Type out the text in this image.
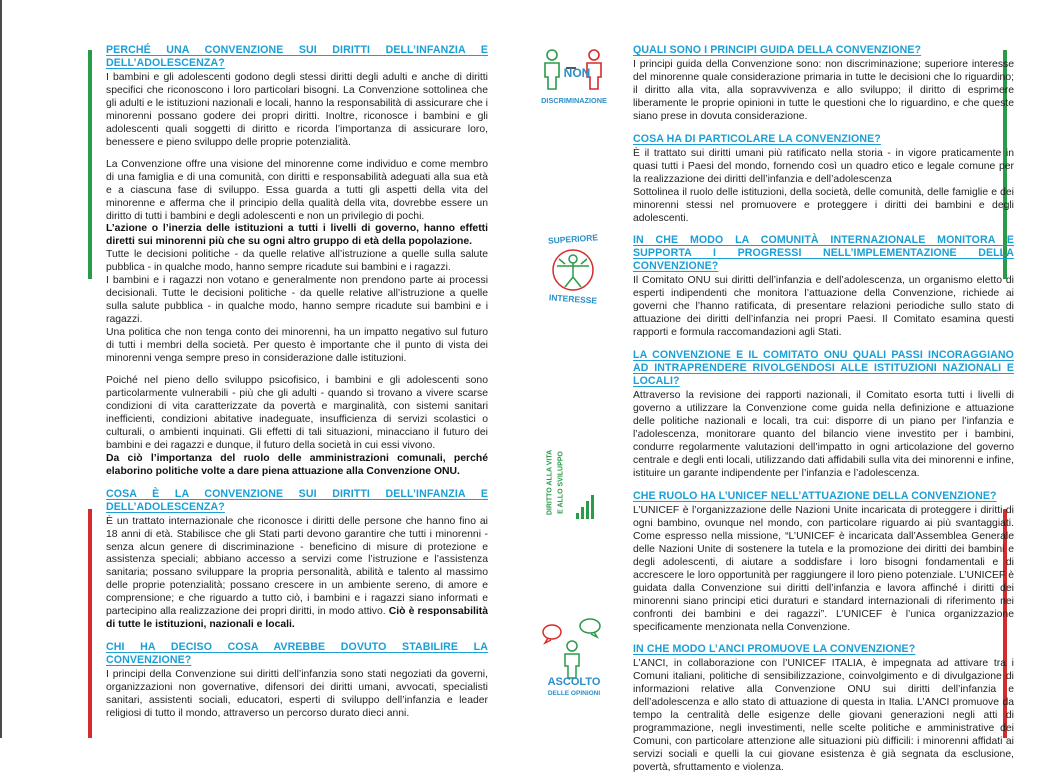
PERCHÉ UNA CONVENZIONE SUI DIRITTI DELL’INFANZIA E DELL’ADOLESCENZA?

I bambini e gli adolescenti godono degli stessi diritti degli adulti e anche di diritti specifici che riconoscono i loro particolari bisogni. La Convenzione sottolinea che gli adulti e le istituzioni nazionali e locali, hanno la responsabilità di assicurare che i minorenni possano godere dei propri diritti. Inoltre, riconosce i bambini e gli adolescenti quali soggetti di diritto e ricorda l’importanza di assicurare loro, benessere e pieno sviluppo delle proprie potenzialità.

La Convenzione offre una visione del minorenne come individuo e come membro di una famiglia e di una comunità, con diritti e responsabilità adeguati alla sua età e a ciascuna fase di sviluppo. Essa guarda a tutti gli aspetti della vita del minorenne e afferma che il principio della qualità della vita, dovrebbe essere un diritto di tutti i bambini e degli adolescenti e non un privilegio di pochi.

L’azione o l’inerzia delle istituzioni a tutti i livelli di governo, hanno effetti diretti sui minorenni più che su ogni altro gruppo di età della popolazione.

Tutte le decisioni politiche - da quelle relative all’istruzione a quelle sulla salute pubblica - in qualche modo, hanno sempre ricadute sui bambini e i ragazzi.

I bambini e i ragazzi non votano e generalmente non prendono parte ai processi decisionali. Tutte le decisioni politiche - da quelle relative all’istruzione a quelle sulla salute pubblica - in qualche modo, hanno sempre ricadute sui bambini e i ragazzi.

Una politica che non tenga conto dei minorenni, ha un impatto negativo sul futuro di tutti i membri della società. Per questo è importante che il punto di vista dei minorenni venga sempre preso in considerazione dalle istituzioni.

Poiché nel pieno dello sviluppo psicofisico, i bambini e gli adolescenti sono particolarmente vulnerabili - più che gli adulti - quando si trovano a vivere scarse condizioni di vita caratterizzate da povertà e marginalità, con sistemi sanitari inefficienti, condizioni abitative inadeguate, insufficienza di servizi scolastici o culturali, o ambienti inquinati. Gli effetti di tali situazioni, minacciano il futuro dei bambini e dei ragazzi e dunque, il futuro della società in cui essi vivono.

Da ciò l’importanza del ruolo delle amministrazioni comunali, perché elaborino politiche volte a dare piena attuazione alla Convenzione ONU.

COSA È LA CONVENZIONE SUI DIRITTI DELL’INFANZIA E DELL’ADOLESCENZA?

È un trattato internazionale che riconosce i diritti delle persone che hanno fino ai 18 anni di età. Stabilisce che gli Stati parti devono garantire che tutti i minorenni - senza alcun genere di discriminazione - beneficino di misure di protezione e assistenza speciali; abbiano accesso a servizi come l’istruzione e l’assistenza sanitaria; possano sviluppare la propria personalità, abilità e talento al massimo delle proprie potenzialità; possano crescere in un ambiente sereno, di amore e comprensione; e che riguardo a tutto ciò, i bambini e i ragazzi siano informati e partecipino alla realizzazione dei propri diritti, in modo attivo. Ciò è responsabilità di tutte le istituzioni, nazionali e locali.

CHI HA DECISO COSA AVREBBE DOVUTO STABILIRE LA CONVENZIONE?

I principi della Convenzione sui diritti dell’infanzia sono stati negoziati da governi, organizzazioni non governative, difensori dei diritti umani, avvocati, specialisti sanitari, assistenti sociali, educatori, esperti di sviluppo dell’infanzia e leader religiosi di tutto il mondo, attraverso un percorso durato dieci anni.

NON
DISCRIMINAZIONE
SUPERIORE
INTERESSE
DIRITTO ALLA VITA E ALLO SVILUPPO
ASCOLTO
DELLE OPINIONI
QUALI SONO I PRINCIPI GUIDA DELLA CONVENZIONE?

I principi guida della Convenzione sono: non discriminazione; superiore interesse del minorenne quale considerazione primaria in tutte le decisioni che lo riguardino; il diritto alla vita, alla sopravvivenza e allo sviluppo; il diritto di esprimere liberamente le proprie opinioni in tutte le questioni che lo riguardino, e che queste siano prese in dovuta considerazione.

COSA HA DI PARTICOLARE LA CONVENZIONE?

È il trattato sui diritti umani più ratificato nella storia - in vigore praticamente in quasi tutti i Paesi del mondo, fornendo così un quadro etico e legale comune per la realizzazione dei diritti dell’infanzia e dell’adolescenza

Sottolinea il ruolo delle istituzioni, della società, delle comunità, delle famiglie e dei minorenni stessi nel promuovere e proteggere i diritti dei bambini e degli adolescenti.

IN CHE MODO LA COMUNITÀ INTERNAZIONALE MONITORA E SUPPORTA I PROGRESSI NELL’IMPLEMENTAZIONE DELLA CONVENZIONE?

Il Comitato ONU sui diritti dell’infanzia e dell’adolescenza, un organismo eletto di esperti indipendenti che monitora l’attuazione della Convenzione, richiede ai governi che l’hanno ratificata, di presentare relazioni periodiche sullo stato di attuazione dei diritti dell’infanzia nei propri Paesi. Il Comitato esamina questi rapporti e formula raccomandazioni agli Stati.

LA CONVENZIONE E IL COMITATO ONU QUALI PASSI INCORAGGIANO AD INTRAPRENDERE RIVOLGENDOSI ALLE ISTITUZIONI NAZIONALI E LOCALI?

Attraverso la revisione dei rapporti nazionali, il Comitato esorta tutti i livelli di governo a utilizzare la Convenzione come guida nella definizione e attuazione delle politiche nazionali e locali, tra cui: disporre di un piano per l’infanzia e l’adolescenza, monitorare quanto del bilancio viene investito per i bambini, condurre regolarmente valutazioni dell’impatto in ogni articolazione del governo centrale e degli enti locali, utilizzando dati affidabili sulla vita dei minorenni e infine, istituire un garante indipendente per l’infanzia e l’adolescenza.

CHE RUOLO HA L’UNICEF NELL’ATTUAZIONE DELLA CONVENZIONE?

L’UNICEF è l’organizzazione delle Nazioni Unite incaricata di proteggere i diritti di ogni bambino, ovunque nel mondo, con particolare riguardo ai più svantaggiati. Come espresso nella missione, “L’UNICEF è incaricata dall’Assemblea Generale delle Nazioni Unite di sostenere la tutela e la promozione dei diritti dei bambini e degli adolescenti, di aiutare a soddisfare i loro bisogni fondamentali e di accrescere le loro opportunità per raggiungere il loro pieno potenziale. L’UNICEF è guidata dalla Convenzione sui diritti dell’infanzia e lavora affinché i diritti dei minorenni siano principi etici duraturi e standard internazionali di riferimento nei confronti dei bambini e dei ragazzi”. L’UNICEF è l’unica organizzazione specificamente menzionata nella Convenzione.

IN CHE MODO L’ANCI PROMUOVE LA CONVENZIONE?

L’ANCI, in collaborazione con l’UNICEF ITALIA, è impegnata ad attivare tra i Comuni italiani, politiche di sensibilizzazione, coinvolgimento e di divulgazione di informazioni relative alla Convenzione ONU sui diritti dell’infanzia e dell’adolescenza e allo stato di attuazione di questa in Italia. L’ANCI promuove da tempo la centralità delle esigenze delle giovani generazioni negli atti di programmazione, negli investimenti, nelle scelte politiche e amministrative dei Comuni, con particolare attenzione alle situazioni più difficili: i minorenni affidati ai servizi sociali e quelli la cui giovane esistenza è già segnata da esclusione, povertà, sfruttamento e violenza.
